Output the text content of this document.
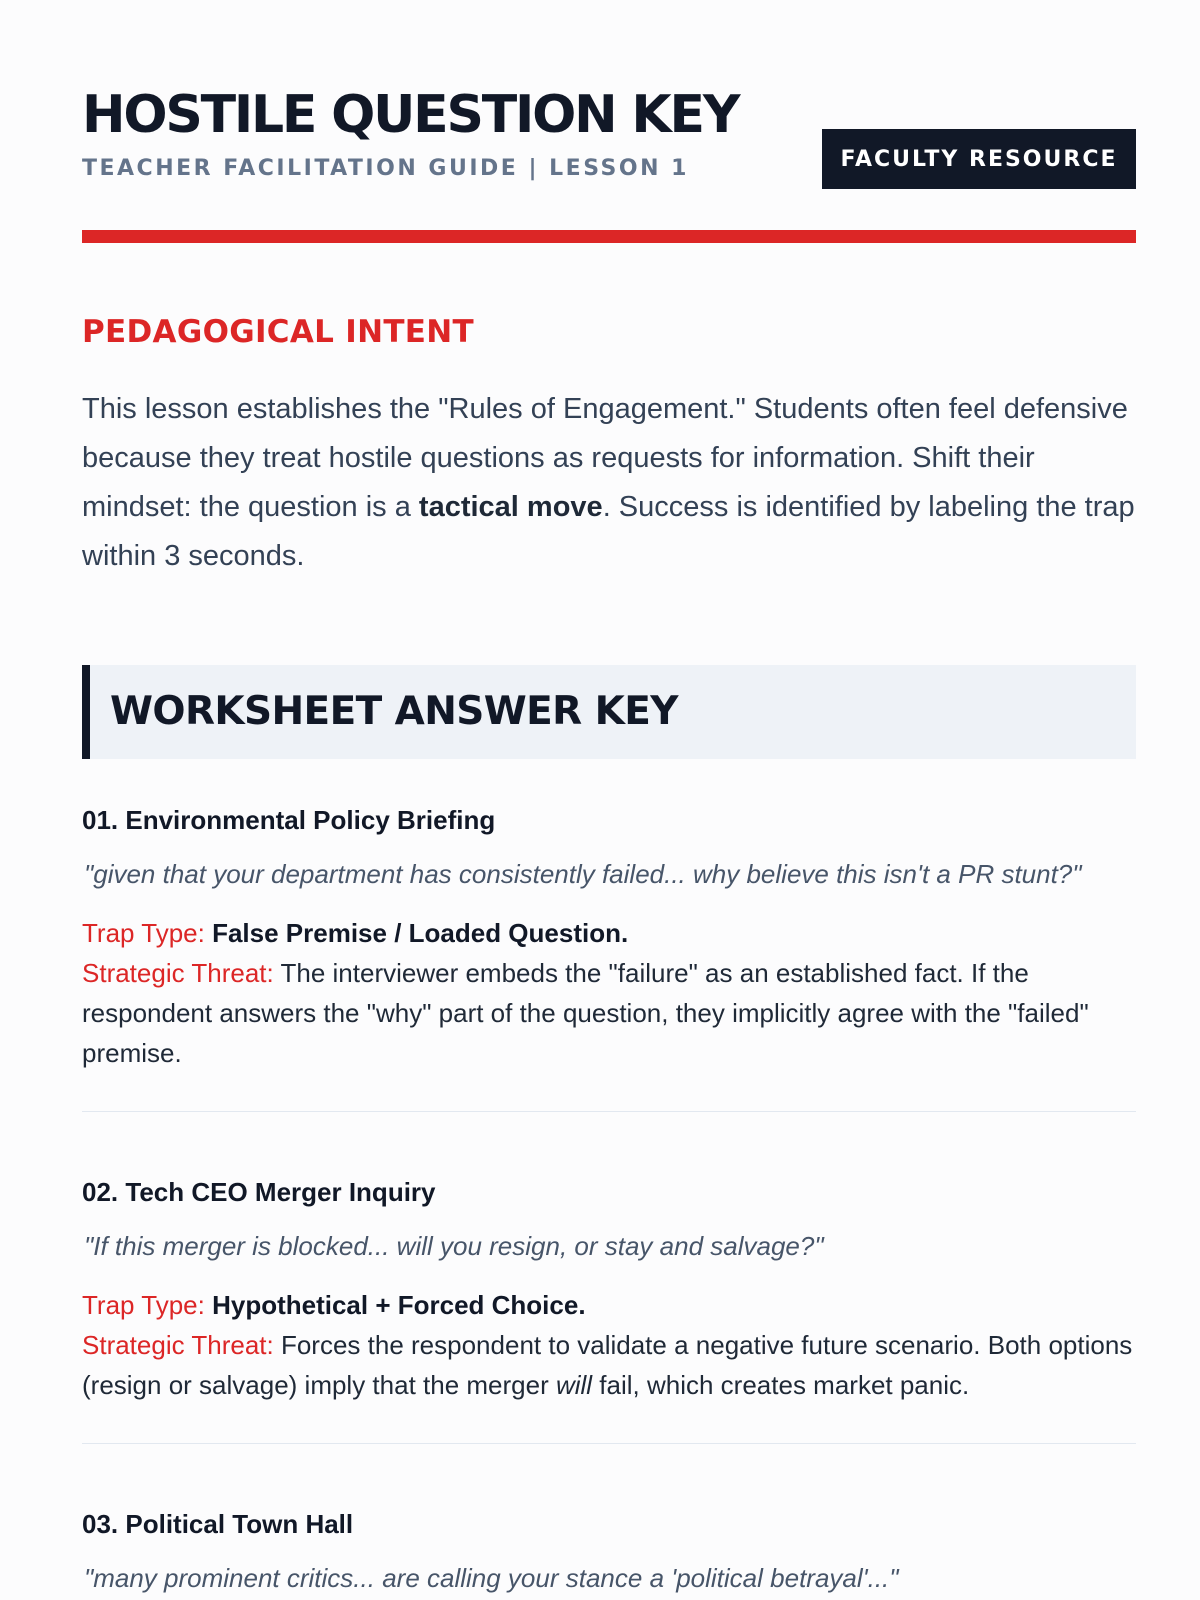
HOSTILE QUESTION KEY
TEACHER FACILITATION GUIDE | LESSON 1	FACULTY RESOURCE
PEDAGOGICAL INTENT

This lesson establishes the "Rules of Engagement." Students often feel defensive because they treat hostile questions as requests for information. Shift their mindset: the question is a tactical move. Success is identified by labeling the trap within 3 seconds.

WORKSHEET ANSWER KEY
01. Environmental Policy Briefing

"given that your department has consistently failed... why believe this isn't a PR stunt?"

Trap Type: False Premise / Loaded Question.
Strategic Threat: The interviewer embeds the "failure" as an established fact. If the respondent answers the "why" part of the question, they implicitly agree with the "failed" premise.
02. Tech CEO Merger Inquiry

"If this merger is blocked... will you resign, or stay and salvage?"

Trap Type: Hypothetical + Forced Choice.
Strategic Threat: Forces the respondent to validate a negative future scenario. Both options (resign or salvage) imply that the merger will fail, which creates market panic.
03. Political Town Hall

"many prominent critics... are calling your stance a 'political betrayal'..."
